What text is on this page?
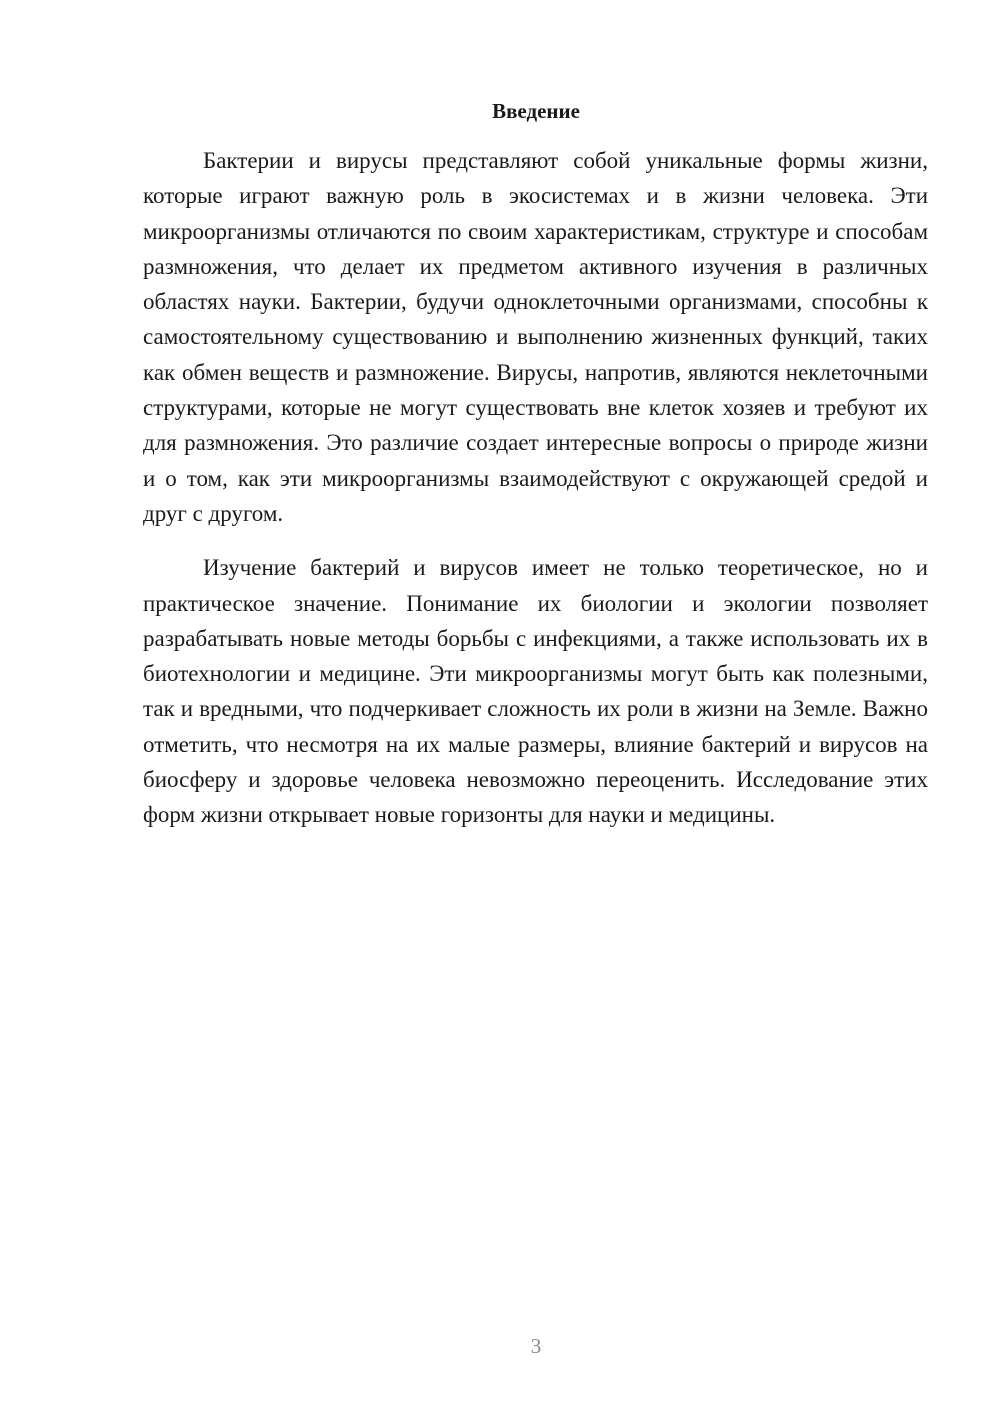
Введение

Бактерии и вирусы представляют собой уникальные формы жизни, которые играют важную роль в экосистемах и в жизни человека. Эти микроорганизмы отличаются по своим характеристикам, структуре и способам размножения, что делает их предметом активного изучения в различных областях науки. Бактерии, будучи одноклеточными организмами, способны к самостоятельному существованию и выполнению жизненных функций, таких как обмен веществ и размножение. Вирусы, напротив, являются неклеточными структурами, которые не могут существовать вне клеток хозяев и требуют их для размножения. Это различие создает интересные вопросы о природе жизни и о том, как эти микроорганизмы взаимодействуют с окружающей средой и друг с другом.

Изучение бактерий и вирусов имеет не только теоретическое, но и практическое значение. Понимание их биологии и экологии позволяет разрабатывать новые методы борьбы с инфекциями, а также использовать их в биотехнологии и медицине. Эти микроорганизмы могут быть как полезными, так и вредными, что подчеркивает сложность их роли в жизни на Земле. Важно отметить, что несмотря на их малые размеры, влияние бактерий и вирусов на биосферу и здоровье человека невозможно переоценить. Исследование этих форм жизни открывает новые горизонты для науки и медицины.

3
